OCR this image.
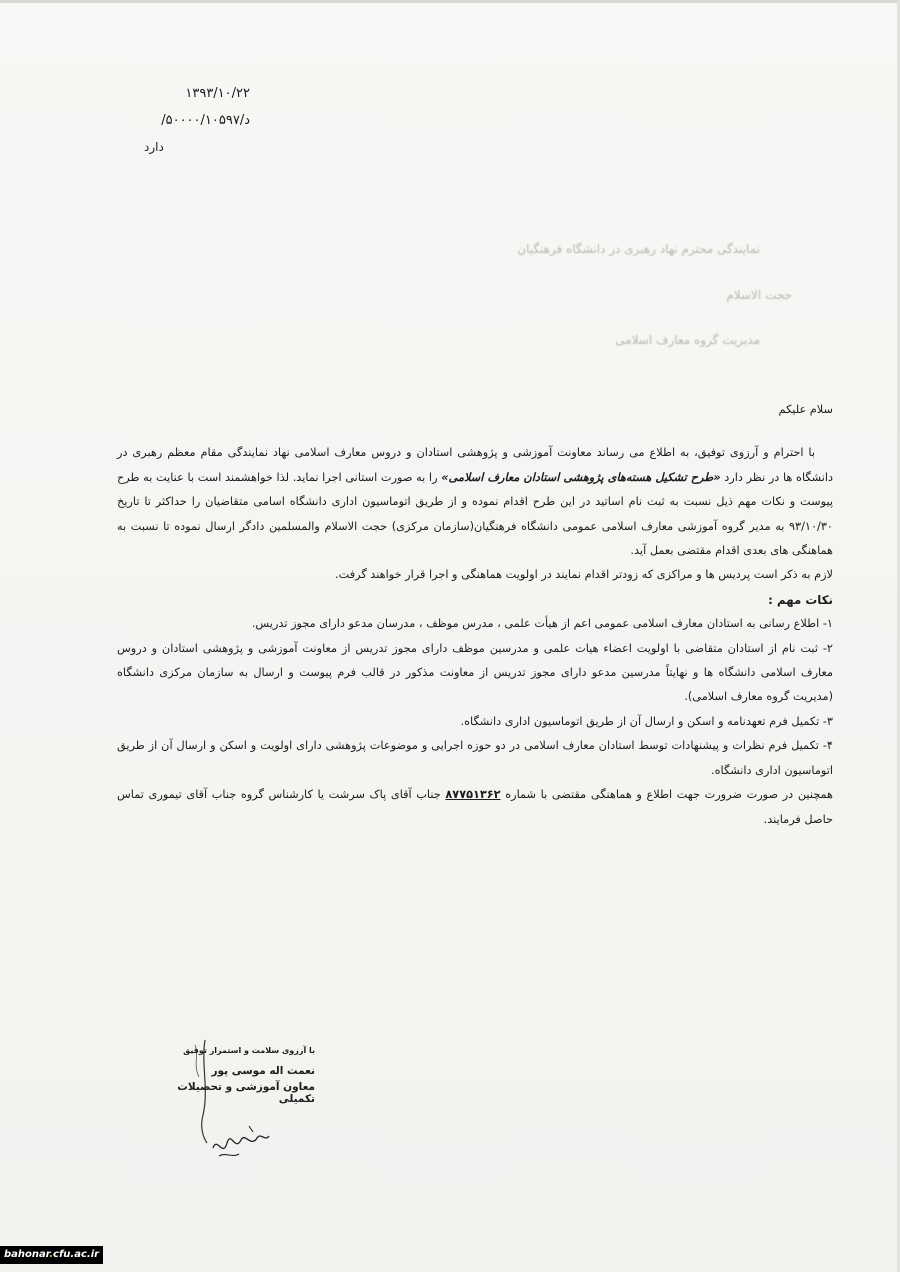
۱۳۹۳/۱۰/۲۲
د/۵۰۰۰۰/۱۰۵۹۷/
دارد
نمایندگی محترم نهاد رهبری در دانشگاه فرهنگیان
حجت الاسلام
مدیریت گروه معارف اسلامی
سلام علیکم
با احترام و آرزوی توفیق، به اطلاع می رساند معاونت آموزشی و پژوهشی استادان و دروس معارف اسلامی نهاد نمایندگی مقام معظم رهبری در دانشگاه ها در نظر دارد «طرح تشکیل هسته‌های پژوهشی استادان معارف اسلامی» را به صورت استانی اجرا نماید. لذا خواهشمند است با عنایت به طرح پیوست و نکات مهم ذیل نسبت به ثبت نام اساتید در این طرح اقدام نموده و از طریق اتوماسیون اداری دانشگاه اسامی متقاضیان را حداکثر تا تاریخ ۹۳/۱۰/۳۰ به مدیر گروه آموزشی معارف اسلامی عمومی دانشگاه فرهنگیان(سازمان مرکزی) حجت الاسلام والمسلمین دادگر ارسال نموده تا نسبت به هماهنگی های بعدی اقدام مقتضی بعمل آید.
لازم به ذکر است پردیس ها و مراکزی که زودتر اقدام نمایند در اولویت هماهنگی و اجرا قرار خواهند گرفت.
نکات مهم :
۱- اطلاع رسانی به استادان معارف اسلامی عمومی اعم از هیأت علمی ، مدرس موظف ، مدرسان مدعو دارای مجوز تدریس.
۲- ثبت نام از استادان متقاضی با اولویت اعضاء هیات علمی و مدرسین موظف دارای مجوز تدریس از معاونت آموزشی و پژوهشی استادان و دروس معارف اسلامی دانشگاه ها و نهایتاً مدرسین مدعو دارای مجوز تدریس از معاونت مذکور در قالب فرم پیوست و ارسال به سازمان مرکزی دانشگاه (مدیریت گروه معارف اسلامی).
۳- تکمیل فرم تعهدنامه و اسکن و ارسال آن از طریق اتوماسیون اداری دانشگاه.
۴- تکمیل فرم نظرات و پیشنهادات توسط استادان معارف اسلامی در دو حوزه اجرایی و موضوعات پژوهشی دارای اولویت و اسکن و ارسال آن از طریق اتوماسیون اداری دانشگاه.
همچنین در صورت ضرورت جهت اطلاع و هماهنگی مقتضی با شماره ۸۷۷۵۱۳۶۲ جناب آقای پاک سرشت یا کارشناس گروه جناب آقای تیموری تماس حاصل فرمایند.
با آرزوی سلامت و استمرار توفیق
نعمت اله موسی پور
معاون آموزشی و تحصیلات تکمیلی
bahonar.cfu.ac.ir
